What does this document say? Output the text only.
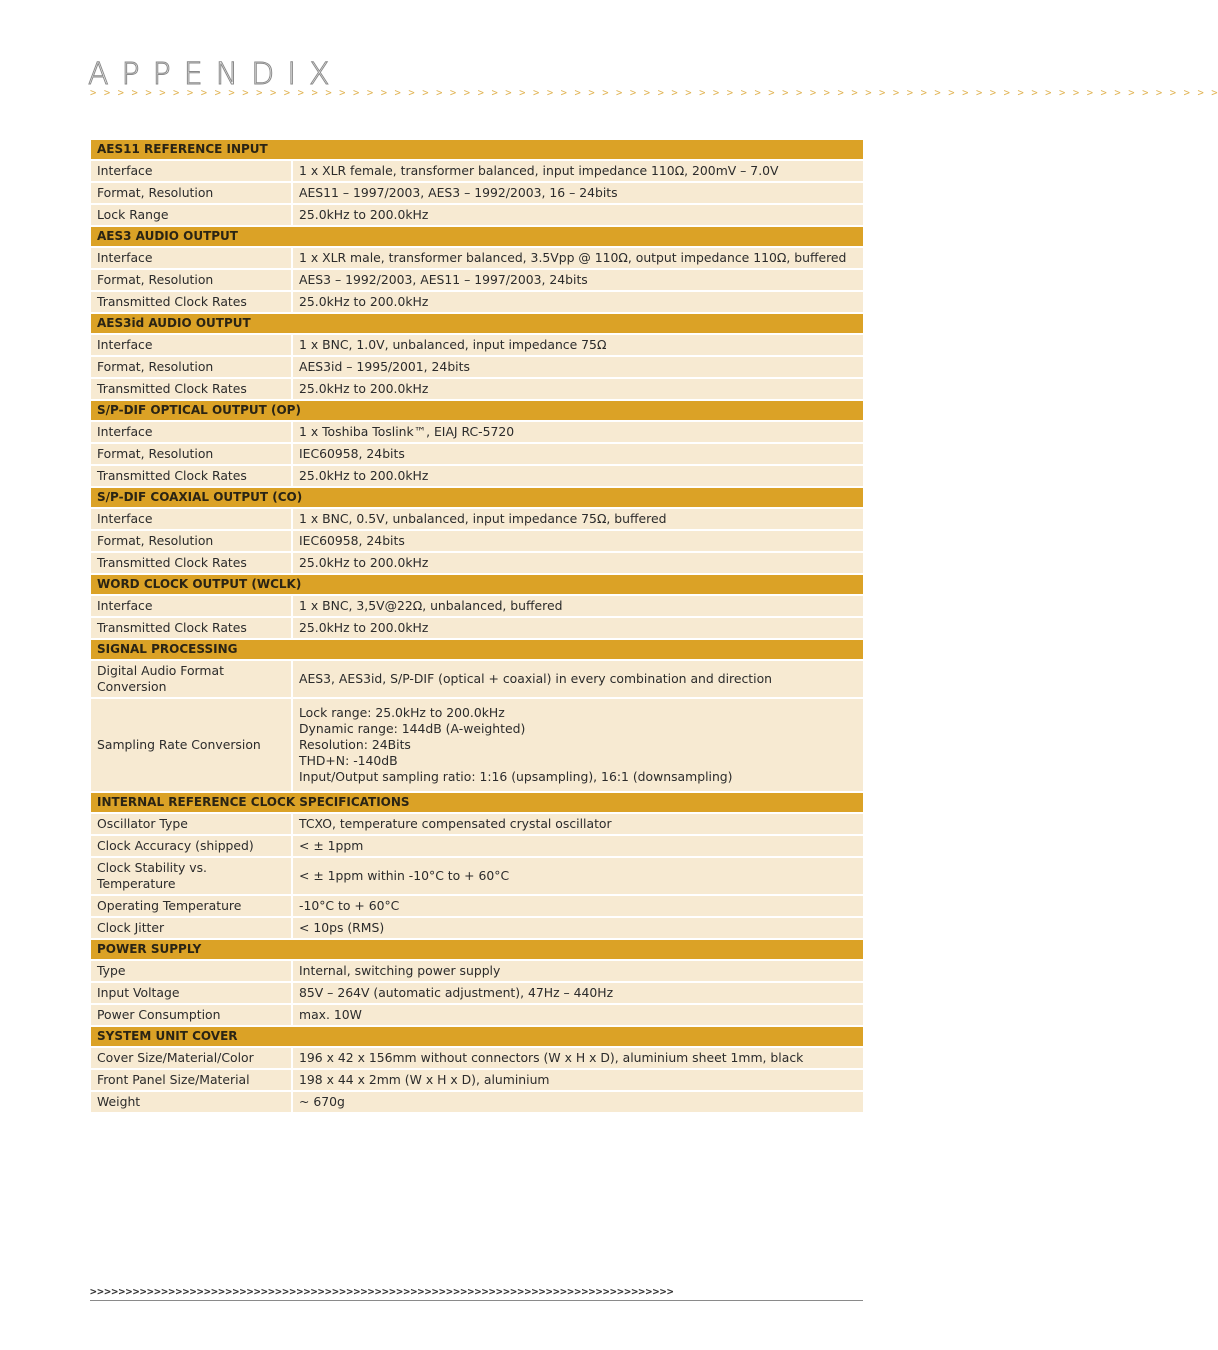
APPENDIX
> > > > > > > > > > > > > > > > > > > > > > > > > > > > > > > > > > > > > > > > > > > > > > > > > > > > > > > > > > > > > > > > > > > > > > > > > > > > > > > > > >
AES11 REFERENCE INPUT	
Interface	1 x XLR female, transformer balanced, input impedance 110Ω, 200mV – 7.0V
Format, Resolution	AES11 – 1997/2003, AES3 – 1992/2003, 16 – 24bits
Lock Range	25.0kHz to 200.0kHz
AES3 AUDIO OUTPUT	
Interface	1 x XLR male, transformer balanced, 3.5Vpp @ 110Ω, output impedance 110Ω, buffered
Format, Resolution	AES3 – 1992/2003, AES11 – 1997/2003, 24bits
Transmitted Clock Rates	25.0kHz to 200.0kHz
AES3id AUDIO OUTPUT	
Interface	1 x BNC, 1.0V, unbalanced, input impedance 75Ω
Format, Resolution	AES3id – 1995/2001, 24bits
Transmitted Clock Rates	25.0kHz to 200.0kHz
S/P-DIF OPTICAL OUTPUT (OP)	
Interface	1 x Toshiba Toslink™, EIAJ RC-5720
Format, Resolution	IEC60958, 24bits
Transmitted Clock Rates	25.0kHz to 200.0kHz
S/P-DIF COAXIAL OUTPUT (CO)	
Interface	1 x BNC, 0.5V, unbalanced, input impedance 75Ω, buffered
Format, Resolution	IEC60958, 24bits
Transmitted Clock Rates	25.0kHz to 200.0kHz
WORD CLOCK OUTPUT (WCLK)	
Interface	1 x BNC, 3,5V@22Ω, unbalanced, buffered
Transmitted Clock Rates	25.0kHz to 200.0kHz
SIGNAL PROCESSING	
Digital Audio Format Conversion	AES3, AES3id, S/P-DIF (optical + coaxial) in every combination and direction
Sampling Rate Conversion	Lock range: 25.0kHz to 200.0kHz
Dynamic range: 144dB (A-weighted)
Resolution: 24Bits
THD+N: -140dB
Input/Output sampling ratio: 1:16 (upsampling), 16:1 (downsampling)
INTERNAL REFERENCE CLOCK SPECIFICATIONS	
Oscillator Type	TCXO, temperature compensated crystal oscillator
Clock Accuracy (shipped)	< ± 1ppm
Clock Stability vs. Temperature	< ± 1ppm within -10°C to + 60°C
Operating Temperature	-10°C to + 60°C
Clock Jitter	< 10ps (RMS)
POWER SUPPLY	
Type	Internal, switching power supply
Input Voltage	85V – 264V (automatic adjustment), 47Hz – 440Hz
Power Consumption	max. 10W
SYSTEM UNIT COVER	
Cover Size/Material/Color	196 x 42 x 156mm without connectors (W x H x D), aluminium sheet 1mm, black
Front Panel Size/Material	198 x 44 x 2mm (W x H x D), aluminium
Weight	~ 670g
>>>>>>>>>>>>>>>>>>>>>>>>>>>>>>>>>>>>>>>>>>>>>>>>>>>>>>>>>>>>>>>>>>>>>>>>>>>>>>>>>>
